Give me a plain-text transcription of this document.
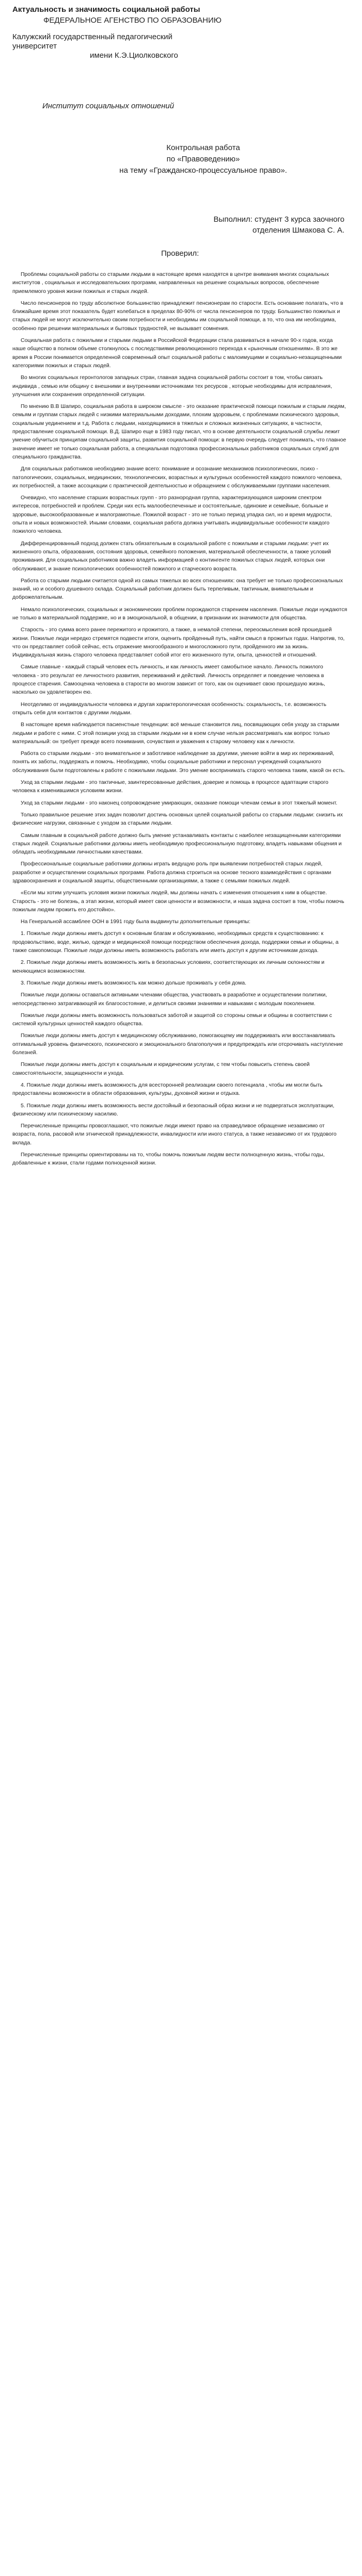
Актуальность и значимость социальной работы
ФЕДЕРАЛЬНОЕ АГЕНСТВО ПО ОБРАЗОВАНИЮ
Калужский государственный педагогический
университет
имени К.Э.Циолковского
Институт социальных отношений
Контрольная работа
по «Правоведению»
на тему «Гражданско-процессуальное право».
Выполнил: студент 3 курса заочного
отделения Шмакова С. А.
Проверил:

Проблемы социальной работы со старыми людьми в настоящее время находятся в центре внимания многих социальных институтов , социальных и исследовательских программ, направленных на решение социальных вопросов, обеспечение приемлемого уровня жизни пожилых и старых людей.

Число пенсионеров по труду абсолютное большинство принадлежит пенсионерам по старости. Есть основание полагать, что в ближайшие время этот показатель будет колебаться в пределах 80-90% от числа пенсионеров по труду. Большинство пожилых и старых людей не могут исключительно своим потребности и необходимы им социальной помощи, а то, что она им необходима, особенно при решении материальных и бытовых трудностей, не вызывает сомнения.

Социальная работа с пожилыми и старыми людьми в Российской Федерации стала развиваться в начале 90-х годов, когда наше общество в полном объеме столкнулось с последствиями революционного перехода к «рыночным отношениям». В это же время в России понимается определенной современный опыт социальной работы с малоимущими и социально-незащищенными категориями пожилых и старых людей.

Во многих социальных геронтологов западных стран, главная задача социальной работы состоит в том, чтобы связать индивида , семью или общину с внешними и внутренними источниками тех ресурсов , которые необходимы для исправления, улучшения или сохранения определенной ситуации.

По мнению В.В Шапиро, социальная работа в широком смысле - это оказание практической помощи пожилым и старым людям, семьям и группам старых людей с низкими материальными доходами, плохим здоровьем, с проблемами психического здоровья, социальным уединением и т.д. Работа с людьми, находящимися в тяжелых и сложных жизненных ситуациях, в частности, предоставление социальной помощи. В.Д. Шапиро еще в 1983 году писал, что в основе деятельности социальной службы лежит умение обучиться принципам социальной защиты, развития социальной помощи: в первую очередь следует понимать, что главное значение имеет не только социальная работа, а специальная подготовка профессиональных работников социальных служб для специального гражданства.

Для социальных работников необходимо знание всего: понимание и осознание механизмов психологических, психо - патологических, социальных, медицинских, технологических, возрастных и культурных особенностей каждого пожилого человека, их потребностей, а также ассоциации с практической деятельностью и обращением с обслуживаемыми группами населения.

Очевидно, что население старших возрастных групп - это разнородная группа, характеризующаяся широким спектром интересов, потребностей и проблем. Среди них есть малообеспеченные и состоятельные, одинокие и семейные, больные и здоровые, высокообразованные и малограмотные. Пожилой возраст - это не только период упадка сил, но и время мудрости, опыта и новых возможностей. Иными словами, социальная работа должна учитывать индивидуальные особенности каждого пожилого человека.

Дифференцированный подход должен стать обязательным в социальной работе с пожилыми и старыми людьми: учет их жизненного опыта, образования, состояния здоровья, семейного положения, материальной обеспеченности, а также условий проживания. Для социальных работников важно владеть информацией о контингенте пожилых старых людей, которых они обслуживают, и знание психологических особенностей пожилого и старческого возраста.

Работа со старыми людьми считается одной из самых тяжелых во всех отношениях: она требует не только профессиональных знаний, но и особого душевного склада. Социальный работник должен быть терпеливым, тактичным, внимательным и доброжелательным.

Немало психологических, социальных и экономических проблем порождаются старением населения. Пожилые люди нуждаются не только в материальной поддержке, но и в эмоциональной, в общении, в признании их значимости для общества.

Старость - это сумма всего ранее пережитого и прожитого, а также, в немалой степени, переосмысления всей прошедшей жизни. Пожилые люди нередко стремятся подвести итоги, оценить пройденный путь, найти смысл в прожитых годах. Напротив, то, что он представляет собой сейчас, есть отражение многообразного и многосложного пути, пройденного им за жизнь. Индивидуальная жизнь старого человека представляет собой итог его жизненного пути, опыта, ценностей и отношений.

Самые главные - каждый старый человек есть личность, и как личность имеет самобытное начало. Личность пожилого человека - это результат ее личностного развития, переживаний и действий. Личность определяет и поведение человека в процессе старения. Самооценка человека в старости во многом зависит от того, как он оценивает свою прошедшую жизнь, насколько он удовлетворен ею.

Неотделимо от индивидуальности человека и другая характерологическая особенность: социальность, т.е. возможность открыть себя для контактов с другими людьми.

В настоящее время наблюдается пасиенстные тенденции: всё меньше становится лиц, посвящающих себя уходу за старыми людьми и работе с ними. С этой позиции уход за старыми людьми ни в коем случае нельзя рассматривать как вопрос только материальный: он требует прежде всего понимания, сочувствия и уважения к старому человеку как к личности.

Работа со старыми людьми - это внимательное и заботливое наблюдение за другими, умение войти в мир их переживаний, понять их заботы, поддержать и помочь. Необходимо, чтобы социальные работники и персонал учреждений социального обслуживания были подготовлены к работе с пожилыми людьми. Это умение воспринимать старого человека таким, какой он есть.

Уход за старыми людьми - это тактичные, заинтересованные действия, доверие и помощь в процессе адаптации старого человека к изменившимся условиям жизни.

Уход за старыми людьми - это наконец сопровождение умирающих, оказание помощи членам семьи в этот тяжелый момент.

Только правильное решение этих задач позволит достичь основных целей социальной работы со старыми людьми: снизить их физические нагрузки, связанные с уходом за старыми людьми.

Самым главным в социальной работе должно быть умение устанавливать контакты с наиболее незащищенными категориями старых людей. Социальные работники должны иметь необходимую профессиональную подготовку, владеть навыками общения и обладать необходимыми личностными качествами.

Профессиональные социальные работники должны играть ведущую роль при выявлении потребностей старых людей, разработке и осуществлении социальных программ. Работа должна строиться на основе тесного взаимодействия с органами здравоохранения и социальной защиты, общественными организациями, а также с семьями пожилых людей.

«Если мы хотим улучшить условия жизни пожилых людей, мы должны начать с изменения отношения к ним в обществе. Старость - это не болезнь, а этап жизни, который имеет свои ценности и возможности, и наша задача состоит в том, чтобы помочь пожилым людям прожить его достойно».

На Генеральной ассамблее ООН в 1991 году была выдвинуты дополнительные принципы:

1. Пожилые люди должны иметь доступ к основным благам и обслуживанию, необходимых средств к существованию: к продовольствию, воде, жилью, одежде и медицинской помощи посредством обеспечения дохода, поддержки семьи и общины, а также самопомощи. Пожилые люди должны иметь возможность работать или иметь доступ к другим источникам дохода.

2. Пожилые люди должны иметь возможность жить в безопасных условиях, соответствующих их личным склонностям и меняющимся возможностям.

3. Пожилые люди должны иметь возможность как можно дольше проживать у себя дома.

Пожилые люди должны оставаться активными членами общества, участвовать в разработке и осуществлении политики, непосредственно затрагивающей их благосостояние, и делиться своими знаниями и навыками с молодым поколением.

Пожилые люди должны иметь возможность пользоваться заботой и защитой со стороны семьи и общины в соответствии с системой культурных ценностей каждого общества.

Пожилые люди должны иметь доступ к медицинскому обслуживанию, помогающему им поддерживать или восстанавливать оптимальный уровень физического, психического и эмоционального благополучия и предупреждать или отсрочивать наступление болезней.

Пожилые люди должны иметь доступ к социальным и юридическим услугам, с тем чтобы повысить степень своей самостоятельности, защищенности и ухода.

4. Пожилые люди должны иметь возможность для всесторонней реализации своего потенциала , чтобы им могли быть предоставлены возможности в области образования, культуры, духовной жизни и отдыха.

5. Пожилые люди должны иметь возможность вести достойный и безопасный образ жизни и не подвергаться эксплуатации, физическому или психическому насилию.

Перечисленные принципы провозглашают, что пожилые люди имеют право на справедливое обращение независимо от возраста, пола, расовой или этнической принадлежности, инвалидности или иного статуса, а также независимо от их трудового вклада.

Перечисленные принципы ориентированы на то, чтобы помочь пожилым людям вести полноценную жизнь, чтобы годы, добавленные к жизни, стали годами полноценной жизни.
